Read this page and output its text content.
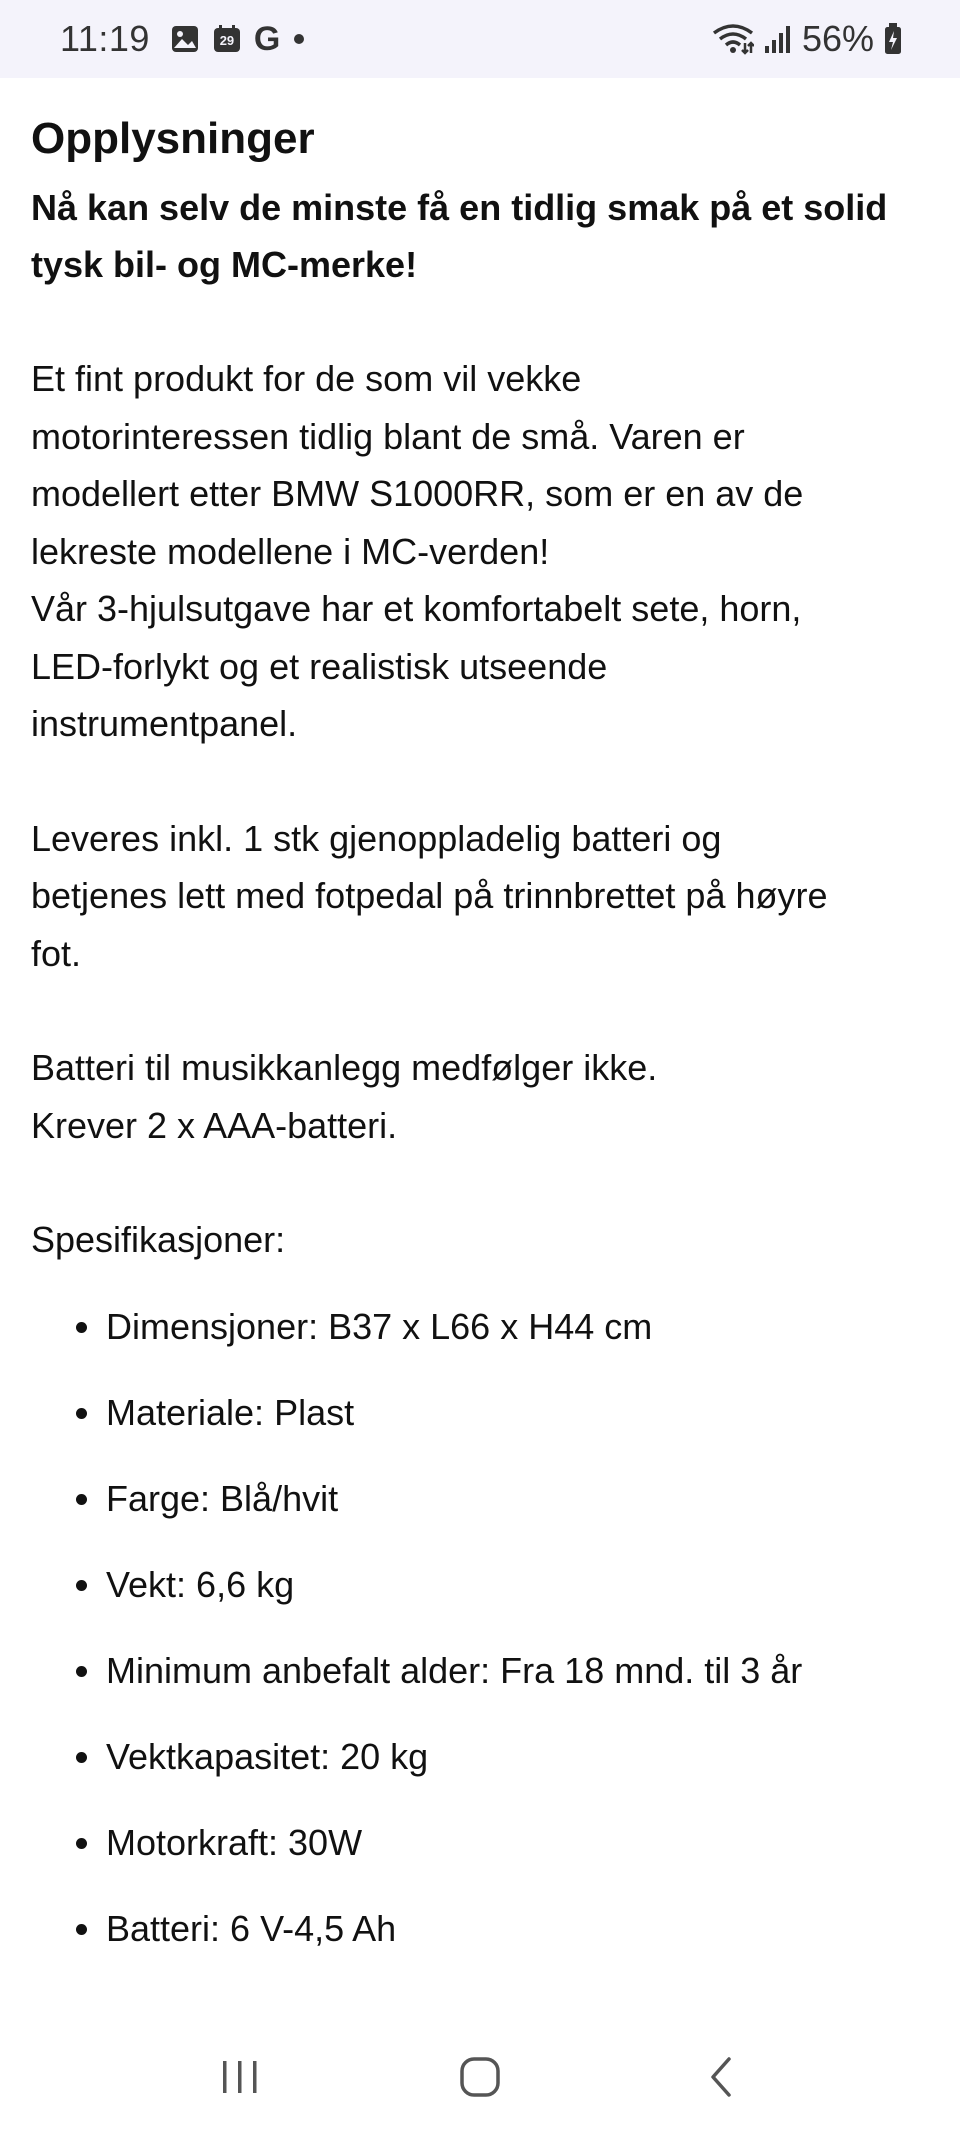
11:19	29 G	56%
Opplysninger

Nå kan selv de minste få en tidlig smak på et solid
tysk bil- og MC-merke!

Et fint produkt for de som vil vekke
motorinteressen tidlig blant de små. Varen er
modellert etter BMW S1000RR, som er en av de
lekreste modellene i MC-verden!
Vår 3-hjulsutgave har et komfortabelt sete, horn,
LED-forlykt og et realistisk utseende
instrumentpanel.

Leveres inkl. 1 stk gjenoppladelig batteri og
betjenes lett med fotpedal på trinnbrettet på høyre
fot.

Batteri til musikkanlegg medfølger ikke.
Krever 2 x AAA-batteri.

Spesifikasjoner:

Dimensjoner: B37 x L66 x H44 cm
Materiale: Plast
Farge: Blå/hvit
Vekt: 6,6 kg
Minimum anbefalt alder: Fra 18 mnd. til 3 år
Vektkapasitet: 20 kg
Motorkraft: 30W
Batteri: 6 V-4,5 Ah
